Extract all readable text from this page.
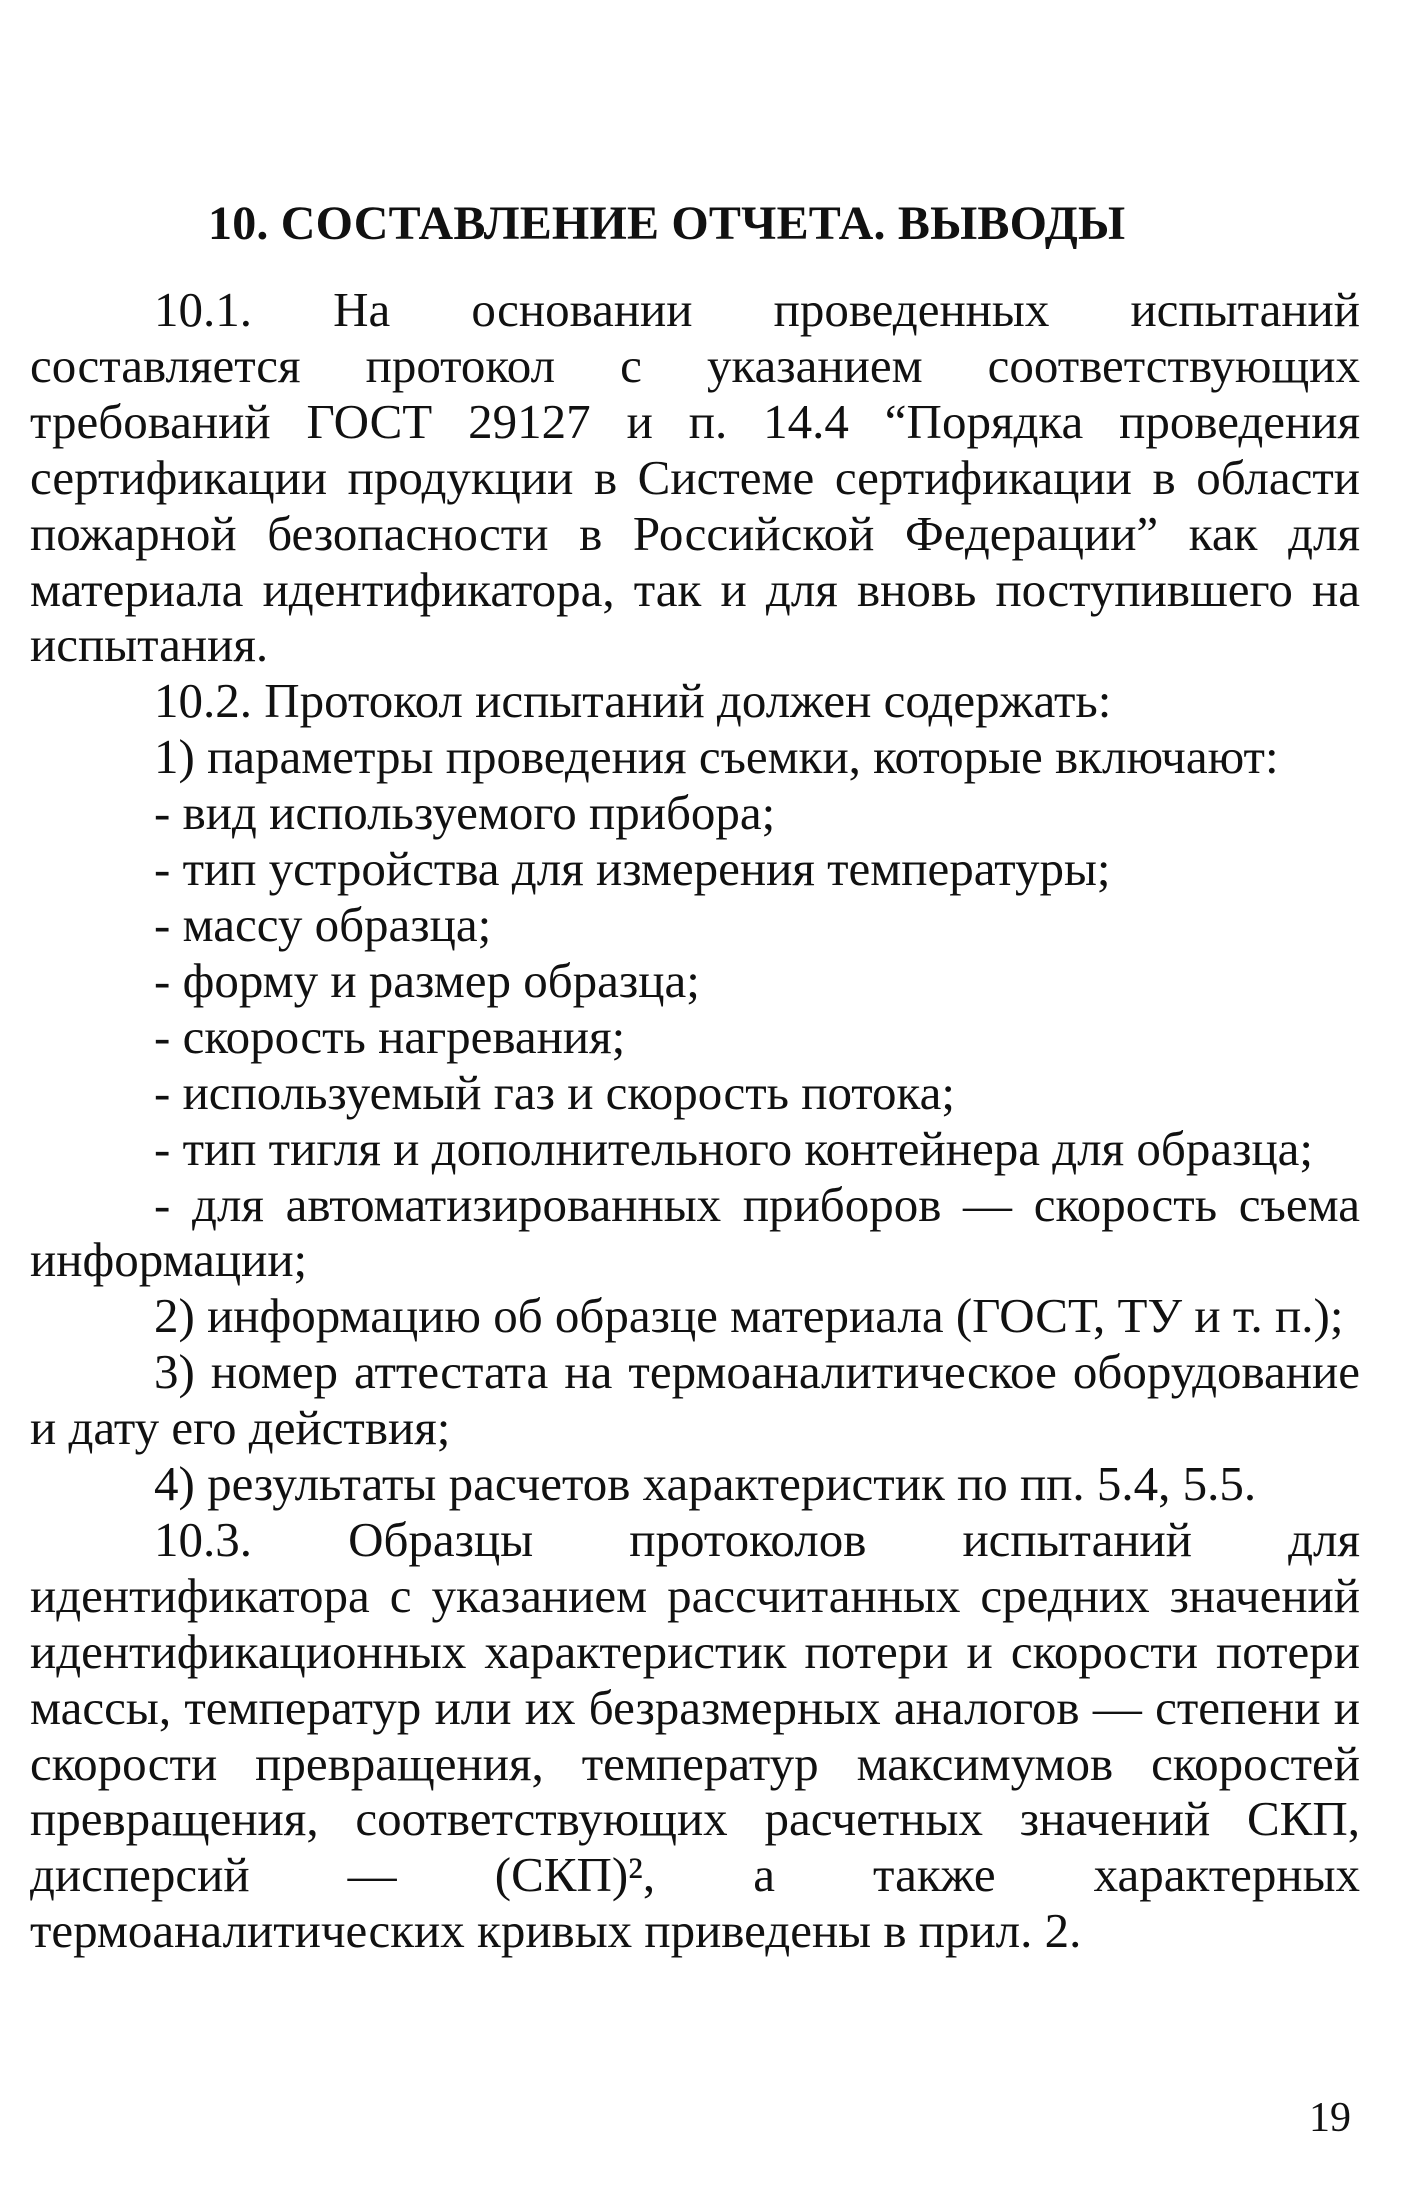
10. СОСТАВЛЕНИЕ ОТЧЕТА. ВЫВОДЫ

10.1. На основании проведенных испытаний составляется протокол с указанием соответствующих требований ГОСТ 29127 и п. 14.4 “Порядка проведения сертификации продукции в Системе сертификации в области пожарной безопасности в Российской Федерации” как для материала идентификатора, так и для вновь поступившего на испытания.

10.2. Протокол испытаний должен содержать:

1) параметры проведения съемки, которые включают:

- вид используемого прибора;

- тип устройства для измерения температуры;

- массу образца;

- форму и размер образца;

- скорость нагревания;

- используемый газ и скорость потока;

- тип тигля и дополнительного контейнера для образца;

- для автоматизированных приборов — скорость съема информации;

2) информацию об образце материала (ГОСТ, ТУ и т. п.);

3) номер аттестата на термоаналитическое оборудование и дату его действия;

4) результаты расчетов характеристик по пп. 5.4, 5.5.

10.3. Образцы протоколов испытаний для идентификатора с указанием рассчитанных средних значений идентификационных характеристик потери и скорости потери массы, температур или их безразмерных аналогов — степени и скорости превращения, температур максимумов скоростей превращения, соответствующих расчетных значений СКП, дисперсий — (СКП)², а также характерных термоаналитических кривых приведены в прил. 2.

19
